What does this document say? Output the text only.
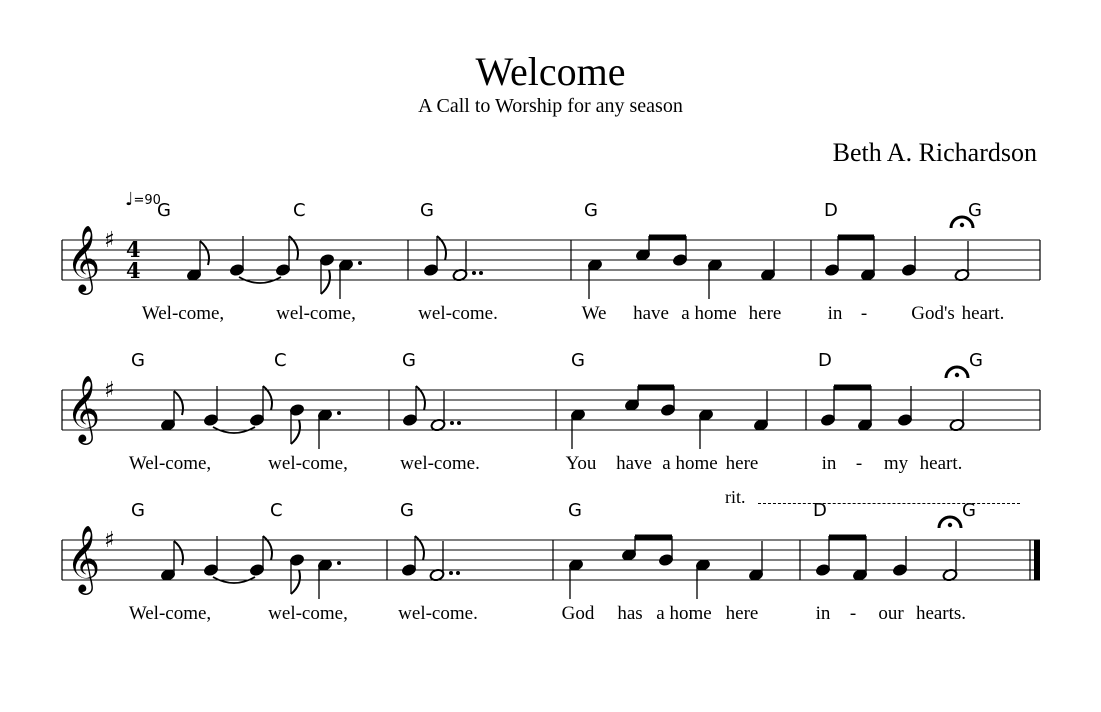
Welcome
A Call to Worship for any season
Beth A. Richardson
♩=90
rit.
𝄞 ♯ 4
4
𝄞 ♯
𝄞 ♯
G	C	G	G	D	G
Wel-come,	wel-come,	wel-come.	We have a home here in - God's heart.
G	C	G	G	D	G
Wel-come,	wel-come,	wel-come.	You have a home here	in - my heart.
G	C	G	G	D	G
Wel-come,	wel-come,	wel-come.	God has a home here	in - our hearts.
